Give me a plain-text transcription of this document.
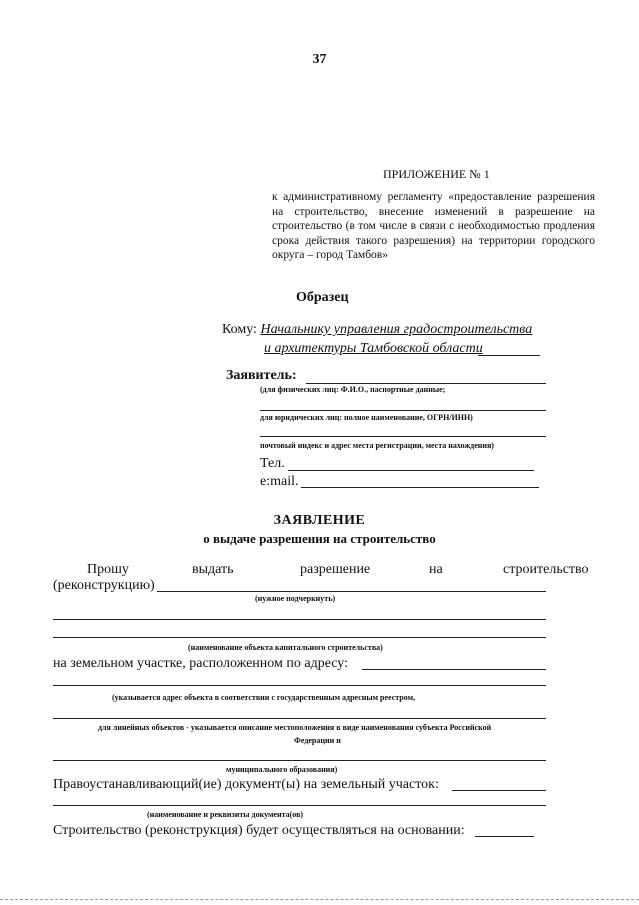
37
ПРИЛОЖЕНИЕ № 1
к административному регламенту «предоставление разрешения на строительство, внесение изменений в разрешение на строительство (в том числе в связи с необходимостью продления срока действия такого разрешения) на территории городского округа – город Тамбов»
Образец
Кому: Начальнику управления градостроительства
и архитектуры Тамбовской области
Заявитель:
(для физических лиц: Ф.И.О., паспортные данные;
для юридических лиц: полное наименование, ОГРН/ИНН)
почтовый индекс и адрес места регистрации, места нахождения)
Тел.
e:mail.
ЗАЯВЛЕНИЕ
о выдаче разрешения на строительство
Прошу	выдать	разрешение	на	строительство
(реконструкцию)
(нужное подчеркнуть)
(наименование объекта капитального строительства)
на земельном участке, расположенном по адресу:
(указывается адрес объекта в соответствии с государственным адресным реестром,
для линейных объектов - указывается описание местоположения в виде наименования субъекта Российской
Федерации и
муниципального образования)
Правоустанавливающий(ие) документ(ы) на земельный участок:
(наименование и реквизиты документа(ов)
Строительство (реконструкция) будет осуществляться на основании:
